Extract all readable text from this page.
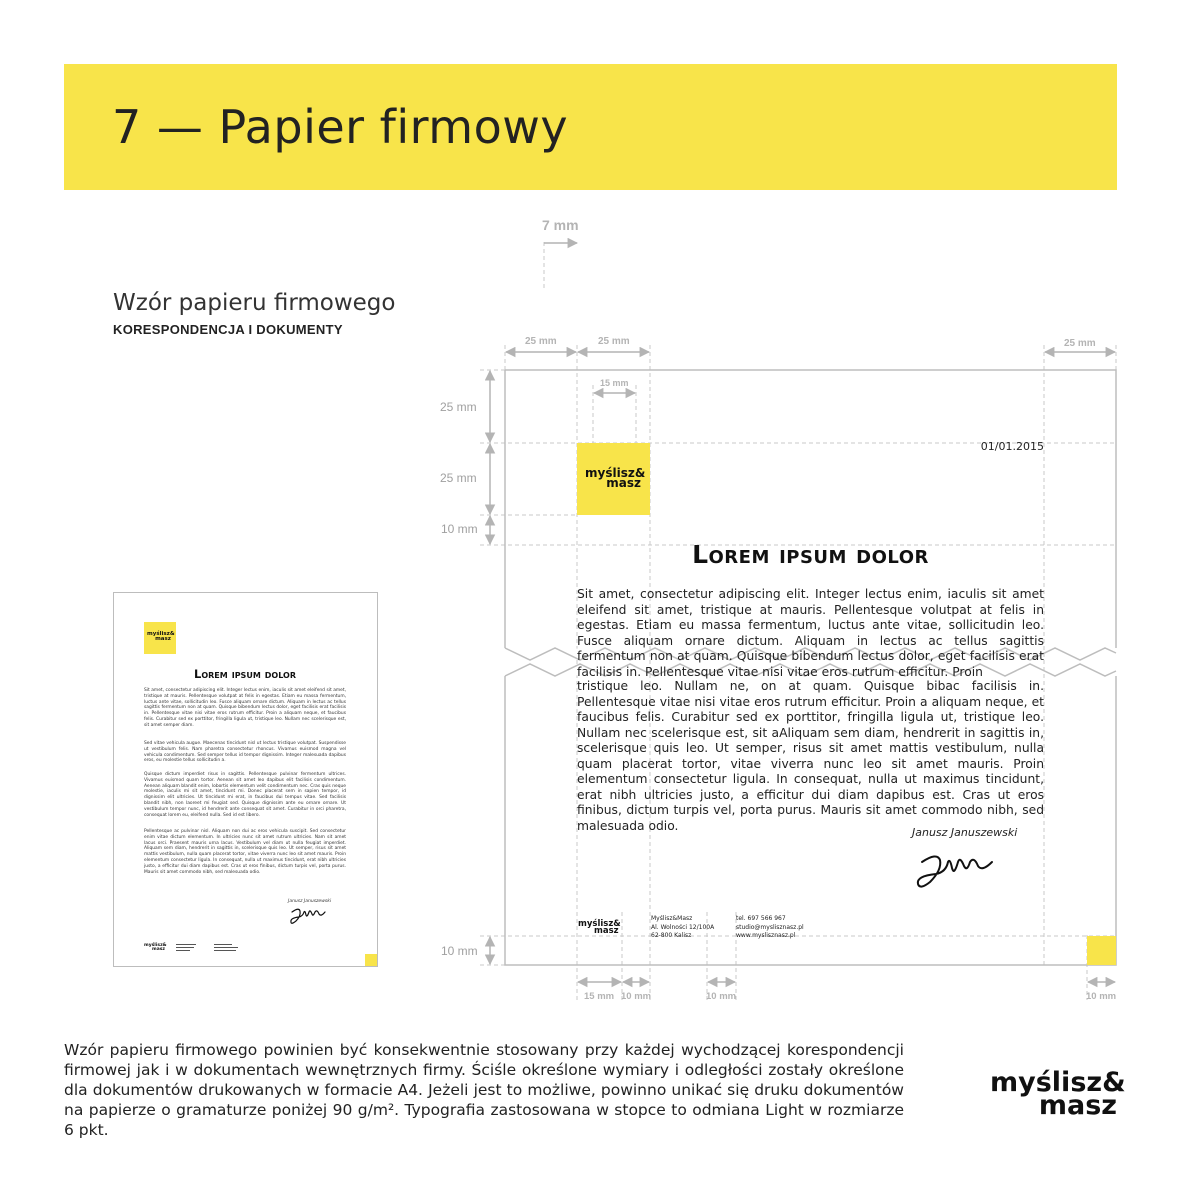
7 — Papier firmowy
Wzór papieru firmowego
KORESPONDENCJA I DOKUMENTY
7 mm
25 mm	25 mm	25 mm
15 mm
25 mm
25 mm
10 mm
10 mm
15 mm 10 mm	10 mm	10 mm
myślisz&
masz
01/01.2015
Lorem ipsum dolor
Sit amet, consectetur adipiscing elit. Integer lectus enim, iaculis sit amet eleifend sit amet, tristique at mauris. Pellentesque volutpat at felis in egestas. Etiam eu massa fermentum, luctus ante vitae, sollicitudin leo. Fusce aliquam ornare dictum. Aliquam in lectus ac tellus sagittis fermentum non at quam. Quisque bibendum lectus dolor, eget facilisis erat facilisis in. Pellentesque vitae nisi vitae eros rutrum efficitur. Proin
tristique leo. Nullam ne, on at quam. Quisque bibac facilisis in. Pellentesque vitae nisi vitae eros rutrum efficitur. Proin a aliquam neque, et faucibus felis. Curabitur sed ex porttitor, fringilla ligula ut, tristique leo. Nullam nec scelerisque est, sit aAliquam sem diam, hendrerit in sagittis in, scelerisque quis leo. Ut semper, risus sit amet mattis vestibulum, nulla quam placerat tortor, vitae viverra nunc leo sit amet mauris. Proin elementum consectetur ligula. In consequat, nulla ut maximus tincidunt, erat nibh ultricies justo, a efficitur dui diam dapibus est. Cras ut eros finibus, dictum turpis vel, porta purus. Mauris sit amet commodo nibh, sed malesuada odio.	Janusz Januszewski
myślisz&
masz
Myślisz&Masz
Al. Wolności 12/100A
62-800 Kalisz
tel. 697 566 967
studio@myslisznasz.pl
www.myslisznasz.pl
myślisz&
masz
Lorem ipsum dolor
Sit amet, consectetur adipiscing elit. Integer lectus enim, iaculis sit amet eleifend sit amet, tristique at mauris. Pellentesque volutpat at felis in egestas. Etiam eu massa fermentum, luctus ante vitae, sollicitudin leo. Fusce aliquam ornare dictum. Aliquam in lectus ac tellus sagittis fermentum non at quam. Quisque bibendum lectus dolor, eget facilisis erat facilisis in. Pellentesque vitae nisi vitae eros rutrum efficitur. Proin a aliquam neque, et faucibus felis. Curabitur sed ex porttitor, fringilla ligula ut, tristique leo. Nullam nec scelerisque est, sit amet semper diam.
Sed vitae vehicula augue. Maecenas tincidunt nisl ut lectus tristique volutpat. Suspendisse ut vestibulum felis. Nam pharetra consectetur rhoncus. Vivamus euismod magna vel vehicula condimentum. Sed semper tellus id tempor dignissim. Integer malesuada dapibus eros, eu molestie tellus sollicitudin a.
Quisque dictum imperdiet risus in sagittis. Pellentesque pulvinar fermentum ultrices. Vivamus euismod quam tortor. Aenean sit amet leo dapibus elit facilisis condimentum. Aenean aliquam blandit enim, lobortis elementum velit condimentum nec. Cras quis neque molestie, iaculis mi sit amet, tincidunt mi. Donec placerat sem in sapien tempor, id dignissim elit ultricies. Ut tincidunt mi erat, in faucibus dui tempus vitae. Sed facilisis blandit nibh, non laoreet mi feugiat sed. Quisque dignissim ante eu ornare ornare. Ut vestibulum tempor nunc, id hendrerit ante consequat sit amet. Curabitur in orci pharetra, consequat lorem eu, eleifend nulla. Sed id est libero.
Pellentesque ac pulvinar nisl. Aliquam non dui ac eros vehicula suscipit. Sed consectetur enim vitae dictum elementum. In ultricies nunc sit amet rutrum ultricies. Nam sit amet lacus orci. Praesent mauris urna lacus. Vestibulum vel diam ut nulla feugiat imperdiet. Aliquam sem diam, hendrerit in sagittis in, scelerisque quis leo. Ut semper, risus sit amet mattis vestibulum, nulla quam placerat tortor, vitae viverra nunc leo sit amet mauris. Proin elementum consectetur ligula. In consequat, nulla ut maximus tincidunt, erat nibh ultricies justo, a efficitur dui diam dapibus est. Cras ut eros finibus, dictum turpis vel, porta purus. Mauris sit amet commodo nibh, sed malesuada odio.
Janusz Januszewski
myślisz&
masz
Wzór papieru firmowego powinien być konsekwentnie stosowany przy każdej wychodzącej korespondencji firmowej jak i w dokumentach wewnętrznych firmy. Ściśle określone wymiary i odległości zostały określone dla dokumentów drukowanych w formacie A4. Jeżeli jest to możliwe, powinno unikać się druku dokumentów na papierze o gramaturze poniżej 90 g/m². Typografia zastosowana w stopce to odmiana Light w rozmiarze 6 pkt.
myślisz&
masz
